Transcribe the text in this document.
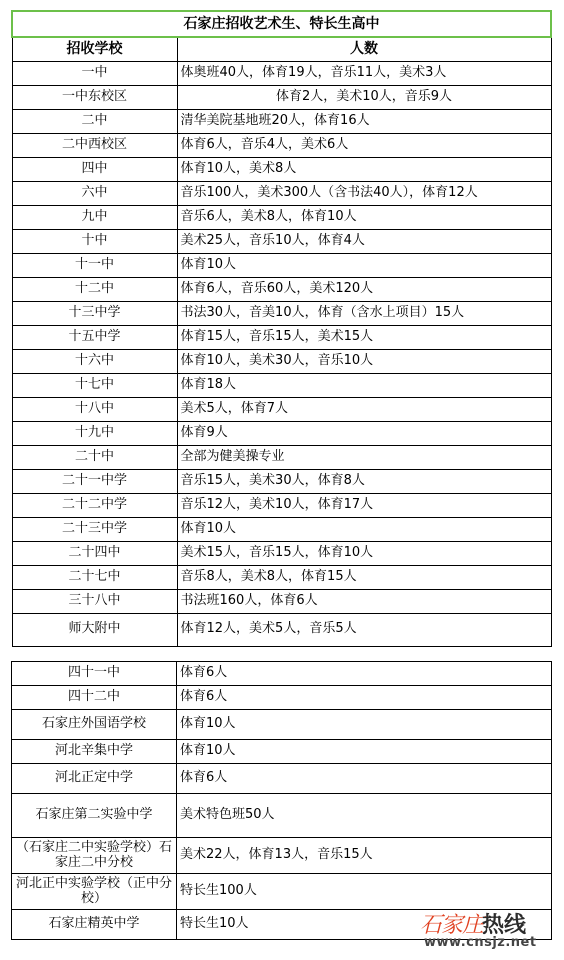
石家庄招收艺术生、特长生高中	
招收学校	人数
一中	体奥班40人，体育19人，音乐11人，美术3人
一中东校区	体育2人，美术10人，音乐9人
二中	清华美院基地班20人，体育16人
二中西校区	体育6人，音乐4人，美术6人
四中	体育10人，美术8人
六中	音乐100人，美术300人（含书法40人），体育12人
九中	音乐6人，美术8人，体育10人
十中	美术25人，音乐10人，体育4人
十一中	体育10人
十二中	体育6人，音乐60人，美术120人
十三中学	书法30人，音美10人，体育（含水上项目）15人
十五中学	体育15人，音乐15人，美术15人
十六中	体育10人，美术30人，音乐10人
十七中	体育18人
十八中	美术5人，体育7人
十九中	体育9人
二十中	全部为健美操专业
二十一中学	音乐15人，美术30人，体育8人
二十二中学	音乐12人，美术10人，体育17人
二十三中学	体育10人
二十四中	美术15人，音乐15人，体育10人
二十七中	音乐8人，美术8人，体育15人
三十八中	书法班160人，体育6人
师大附中	体育12人，美术5人，音乐5人
四十一中	体育6人
四十二中	体育6人
石家庄外国语学校	体育10人
河北辛集中学	体育10人
河北正定中学	体育6人
石家庄第二实验中学	美术特色班50人
（石家庄二中实验学校）石家庄二中分校	美术22人，体育13人，音乐15人
河北正中实验学校（正中分校）	特长生100人
石家庄精英中学	特长生10人	石家庄
热线
www.cnsjz.net
